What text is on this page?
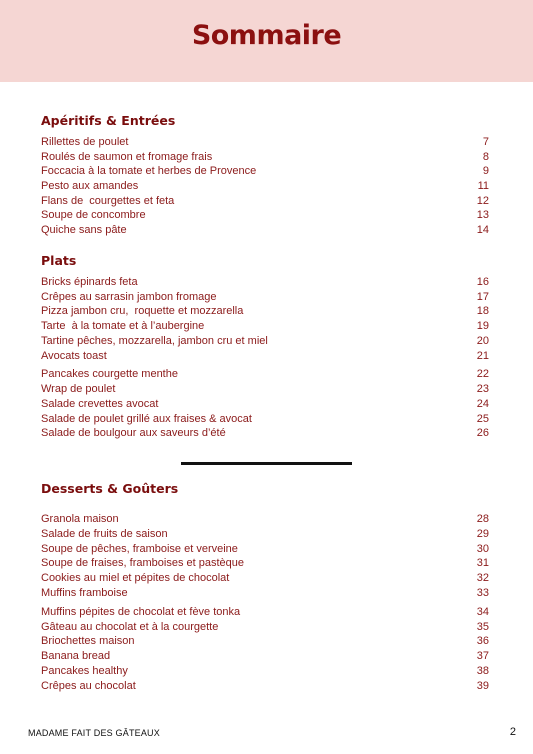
Sommaire
Apéritifs & Entrées
Plats
Desserts & Goûters
Rillettes de poulet	7
Roulés de saumon et fromage frais	8
Foccacia à la tomate et herbes de Provence	9
Pesto aux amandes	11
Flans de  courgettes et feta	12
Soupe de concombre	13
Quiche sans pâte	14
Bricks épinards feta	16
Crêpes au sarrasin jambon fromage	17
Pizza jambon cru,  roquette et mozzarella	18
Tarte  à la tomate et à l’aubergine	19
Tartine pêches, mozzarella, jambon cru et miel	20
Avocats toast	21
Pancakes courgette menthe	22
Wrap de poulet	23
Salade crevettes avocat	24
Salade de poulet grillé aux fraises & avocat	25
Salade de boulgour aux saveurs d’été	26
Granola maison	28
Salade de fruits de saison	29
Soupe de pêches, framboise et verveine	30
Soupe de fraises, framboises et pastèque	31
Cookies au miel et pépites de chocolat	32
Muffins framboise	33
Muffins pépites de chocolat et fève tonka	34
Gâteau au chocolat et à la courgette	35
Briochettes maison	36
Banana bread	37
Pancakes healthy	38
Crêpes au chocolat	39
MADAME FAIT DES GÂTEAUX	2
